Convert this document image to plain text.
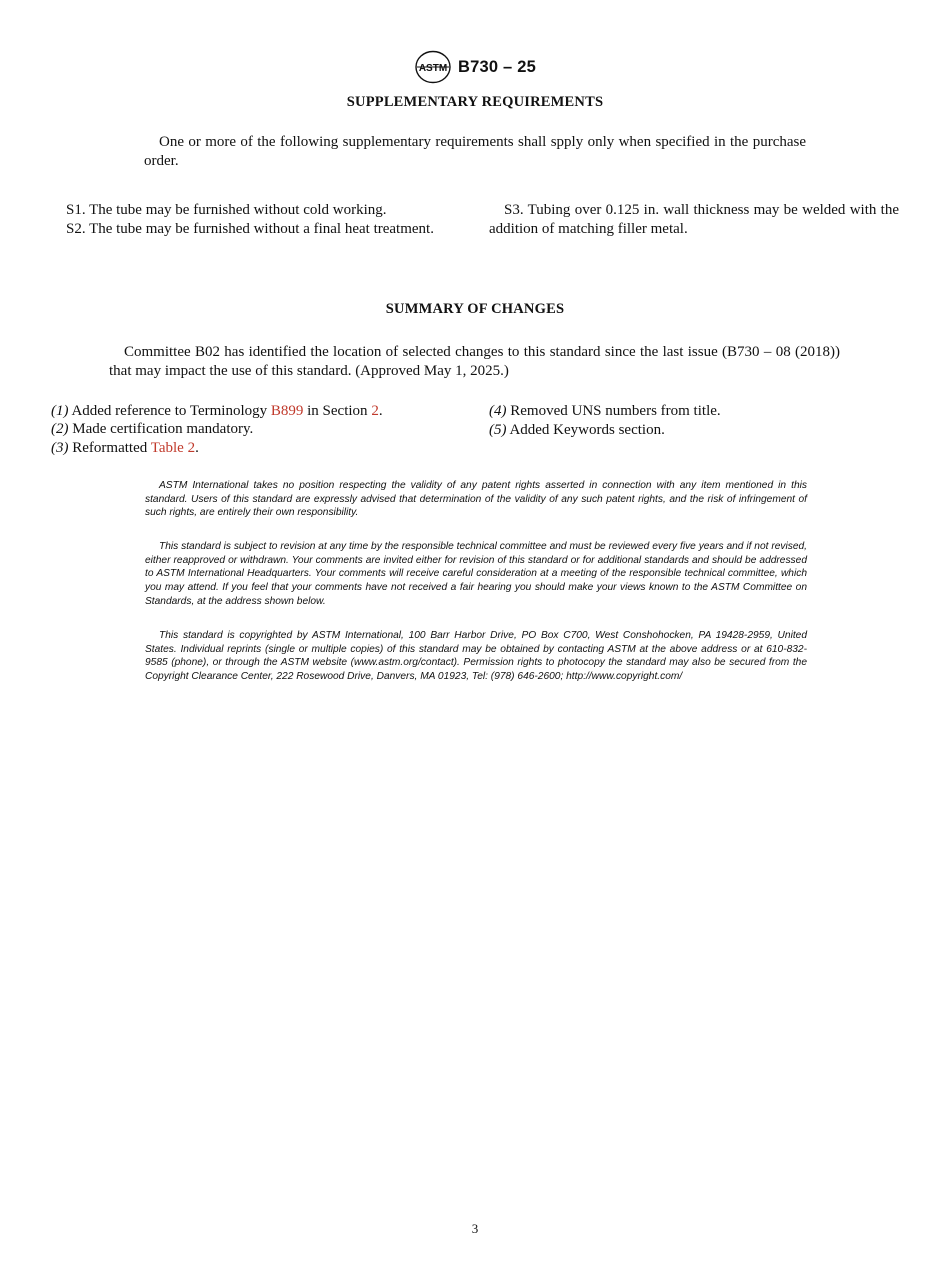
ASTM B730 – 25
SUPPLEMENTARY REQUIREMENTS

One or more of the following supplementary requirements shall spply only when specified in the purchase order.

S1. The tube may be furnished without cold working.

S2. The tube may be furnished without a final heat treatment.

S3. Tubing over 0.125 in. wall thickness may be welded with the addition of matching filler metal.

SUMMARY OF CHANGES

Committee B02 has identified the location of selected changes to this standard since the last issue (B730 – 08 (2018)) that may impact the use of this standard. (Approved May 1, 2025.)

(1) Added reference to Terminology B899 in Section 2.
(2) Made certification mandatory.
(3) Reformatted Table 2.
(4) Removed UNS numbers from title.
(5) Added Keywords section.

ASTM International takes no position respecting the validity of any patent rights asserted in connection with any item mentioned in this standard. Users of this standard are expressly advised that determination of the validity of any such patent rights, and the risk of infringement of such rights, are entirely their own responsibility.

This standard is subject to revision at any time by the responsible technical committee and must be reviewed every five years and if not revised, either reapproved or withdrawn. Your comments are invited either for revision of this standard or for additional standards and should be addressed to ASTM International Headquarters. Your comments will receive careful consideration at a meeting of the responsible technical committee, which you may attend. If you feel that your comments have not received a fair hearing you should make your views known to the ASTM Committee on Standards, at the address shown below.

This standard is copyrighted by ASTM International, 100 Barr Harbor Drive, PO Box C700, West Conshohocken, PA 19428-2959, United States. Individual reprints (single or multiple copies) of this standard may be obtained by contacting ASTM at the above address or at 610-832-9585 (phone), or through the ASTM website (www.astm.org/contact). Permission rights to photocopy the standard may also be secured from the Copyright Clearance Center, 222 Rosewood Drive, Danvers, MA 01923, Tel: (978) 646-2600; http://www.copyright.com/

3
